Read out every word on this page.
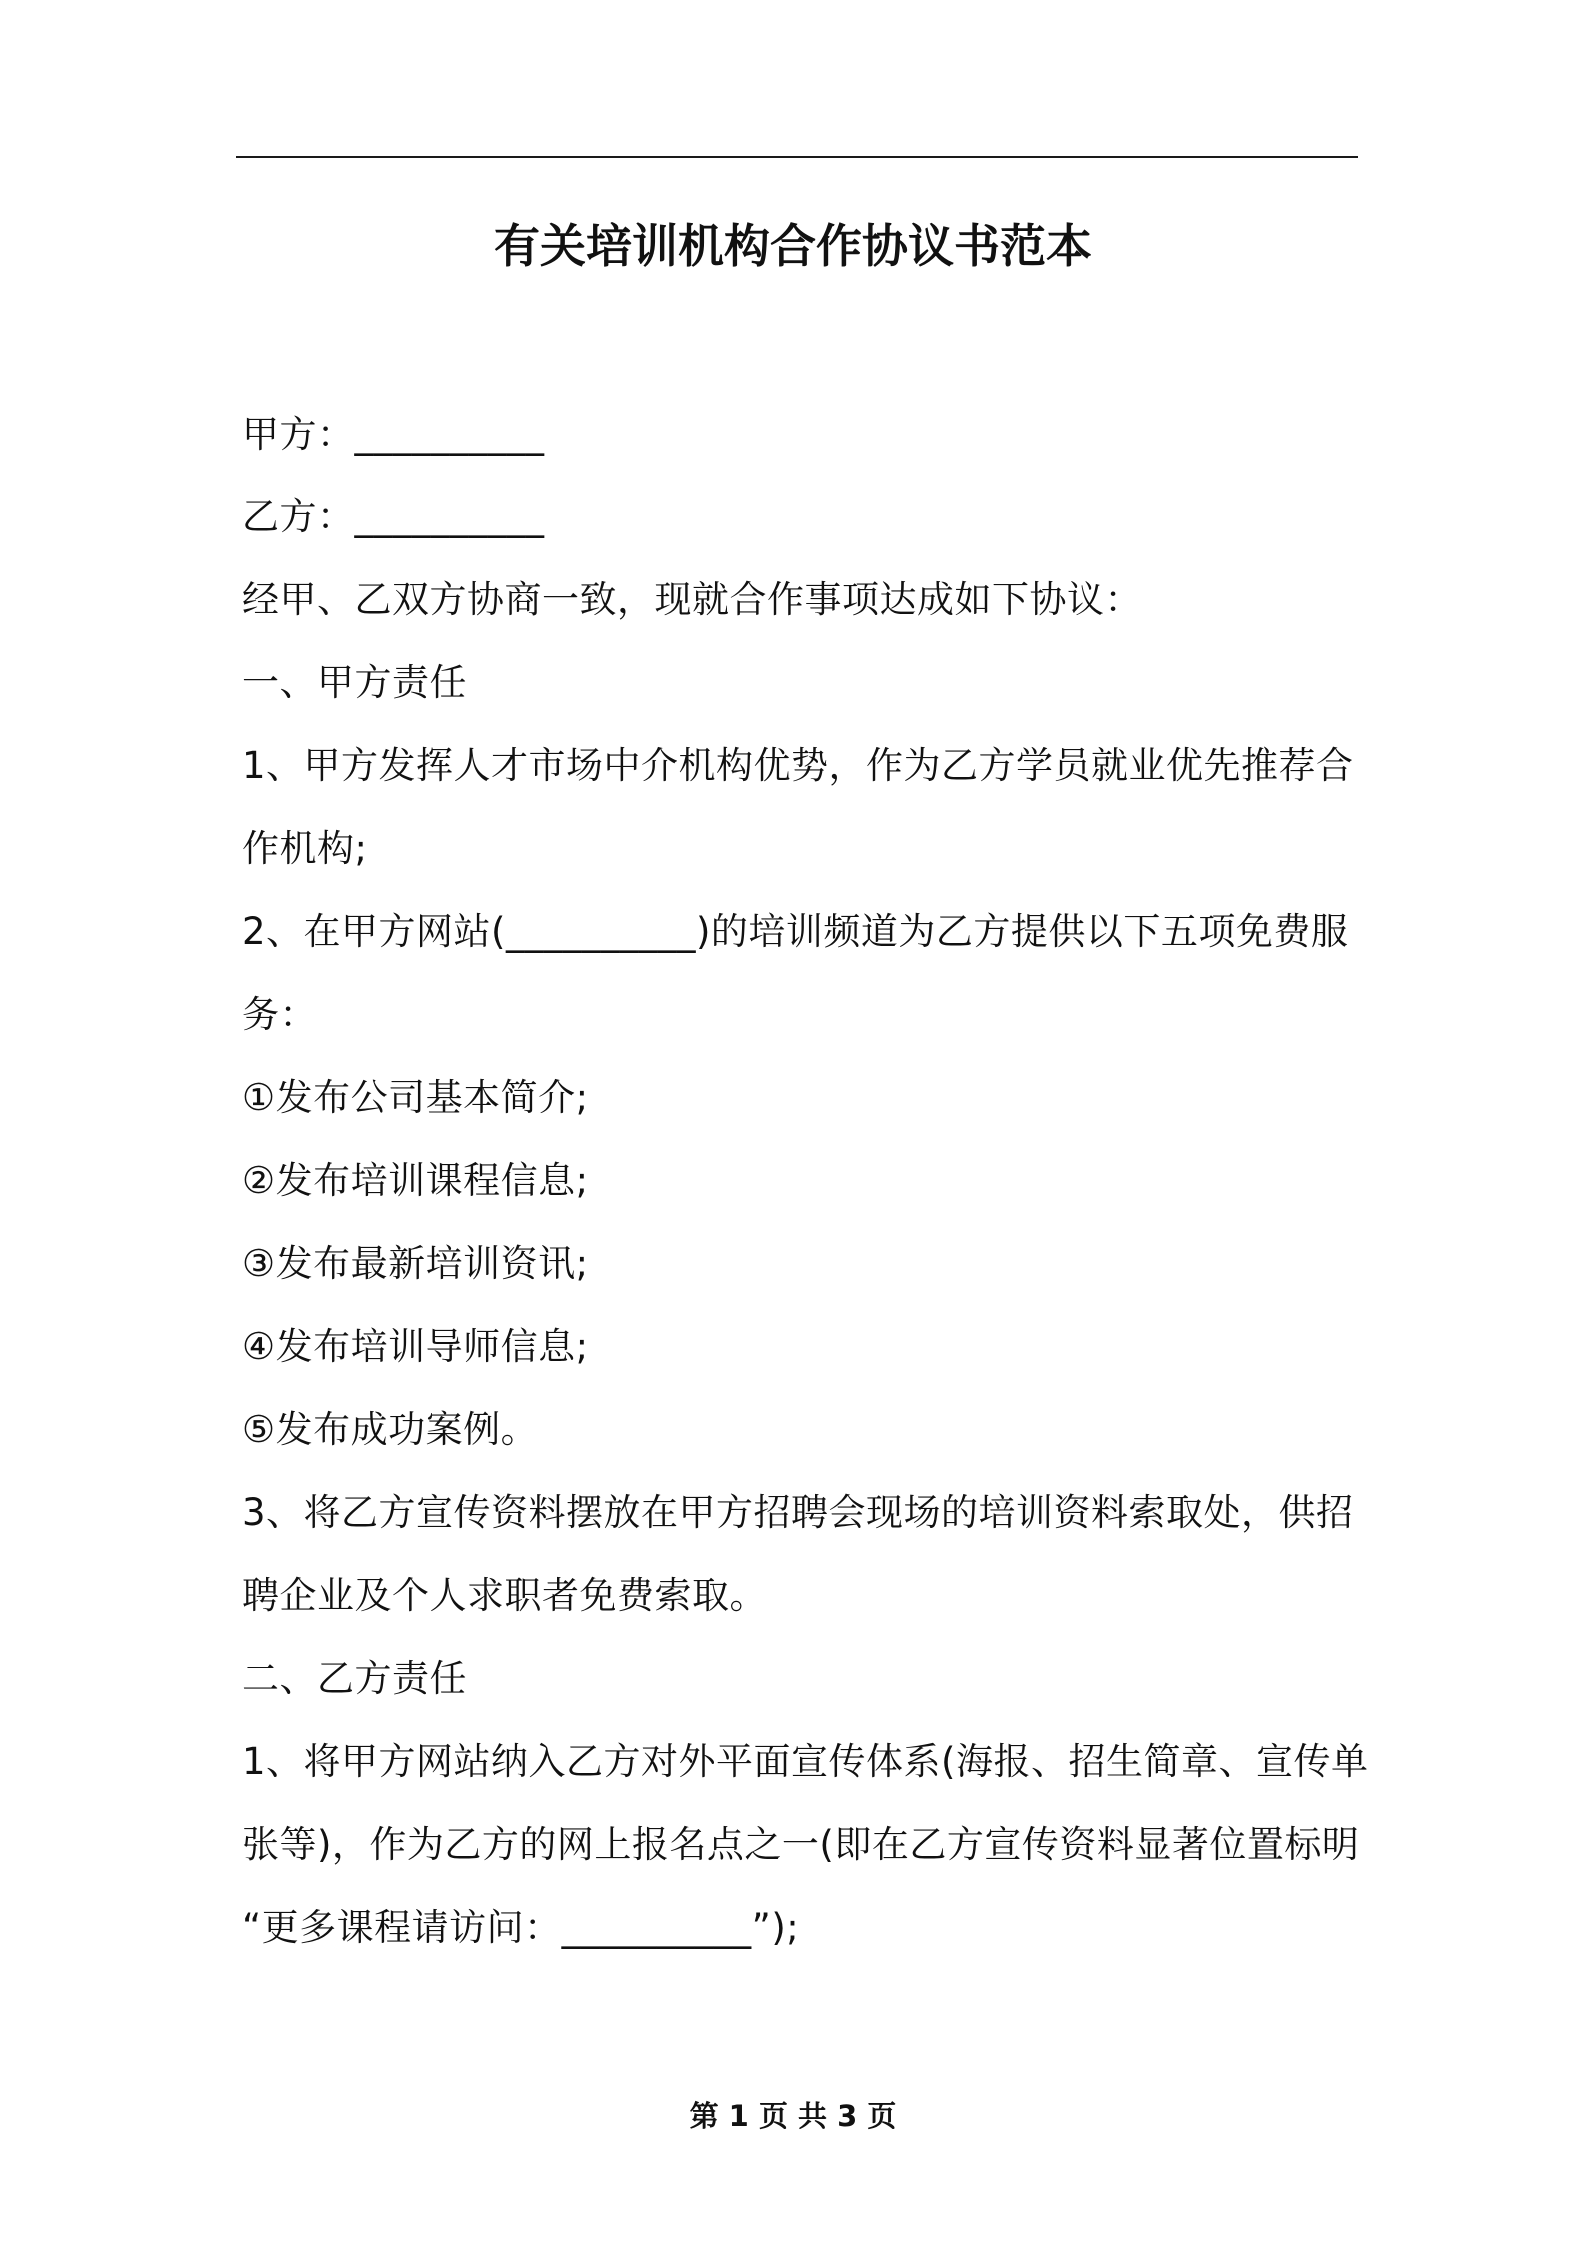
有关培训机构合作协议书范本
甲方：__________
乙方：__________
经甲、乙双方协商一致，现就合作事项达成如下协议：
一、甲方责任
1、甲方发挥人才市场中介机构优势，作为乙方学员就业优先推荐合
作机构;
2、在甲方网站(__________)的培训频道为乙方提供以下五项免费服
务：
①发布公司基本简介;
②发布培训课程信息;
③发布最新培训资讯;
④发布培训导师信息;
⑤发布成功案例。
3、将乙方宣传资料摆放在甲方招聘会现场的培训资料索取处，供招
聘企业及个人求职者免费索取。
二、乙方责任
1、将甲方网站纳入乙方对外平面宣传体系(海报、招生简章、宣传单
张等)，作为乙方的网上报名点之一(即在乙方宣传资料显著位置标明
“更多课程请访问：__________”);
第 1 页 共 3 页
